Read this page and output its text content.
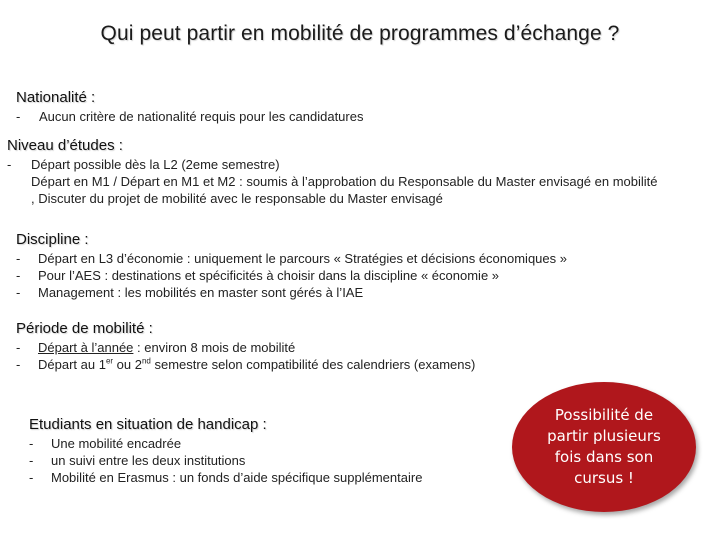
Qui peut partir en mobilité de programmes d’échange ?
Nationalité :
- Aucun critère de nationalité requis pour les candidatures
Niveau d’études :
- Départ possible dès la L2 (2eme semestre)
Départ en M1 / Départ en M1 et M2 : soumis à l’approbation du Responsable du Master envisagé en mobilité , Discuter du projet de mobilité avec le responsable du Master envisagé
Discipline :
- Départ en L3 d’économie : uniquement le parcours « Stratégies et décisions économiques »
- Pour l’AES : destinations et spécificités à choisir dans la discipline « économie »
- Management : les mobilités en master sont gérés à l’IAE
Période de mobilité :
- Départ à l’année : environ 8 mois de mobilité
- Départ au 1er ou 2nd semestre selon compatibilité des calendriers (examens)
Etudiants en situation de handicap :
- Une mobilité encadrée
- un suivi entre les deux institutions
- Mobilité en Erasmus : un fonds d’aide spécifique supplémentaire
Possibilité de partir plusieurs fois dans son cursus !
